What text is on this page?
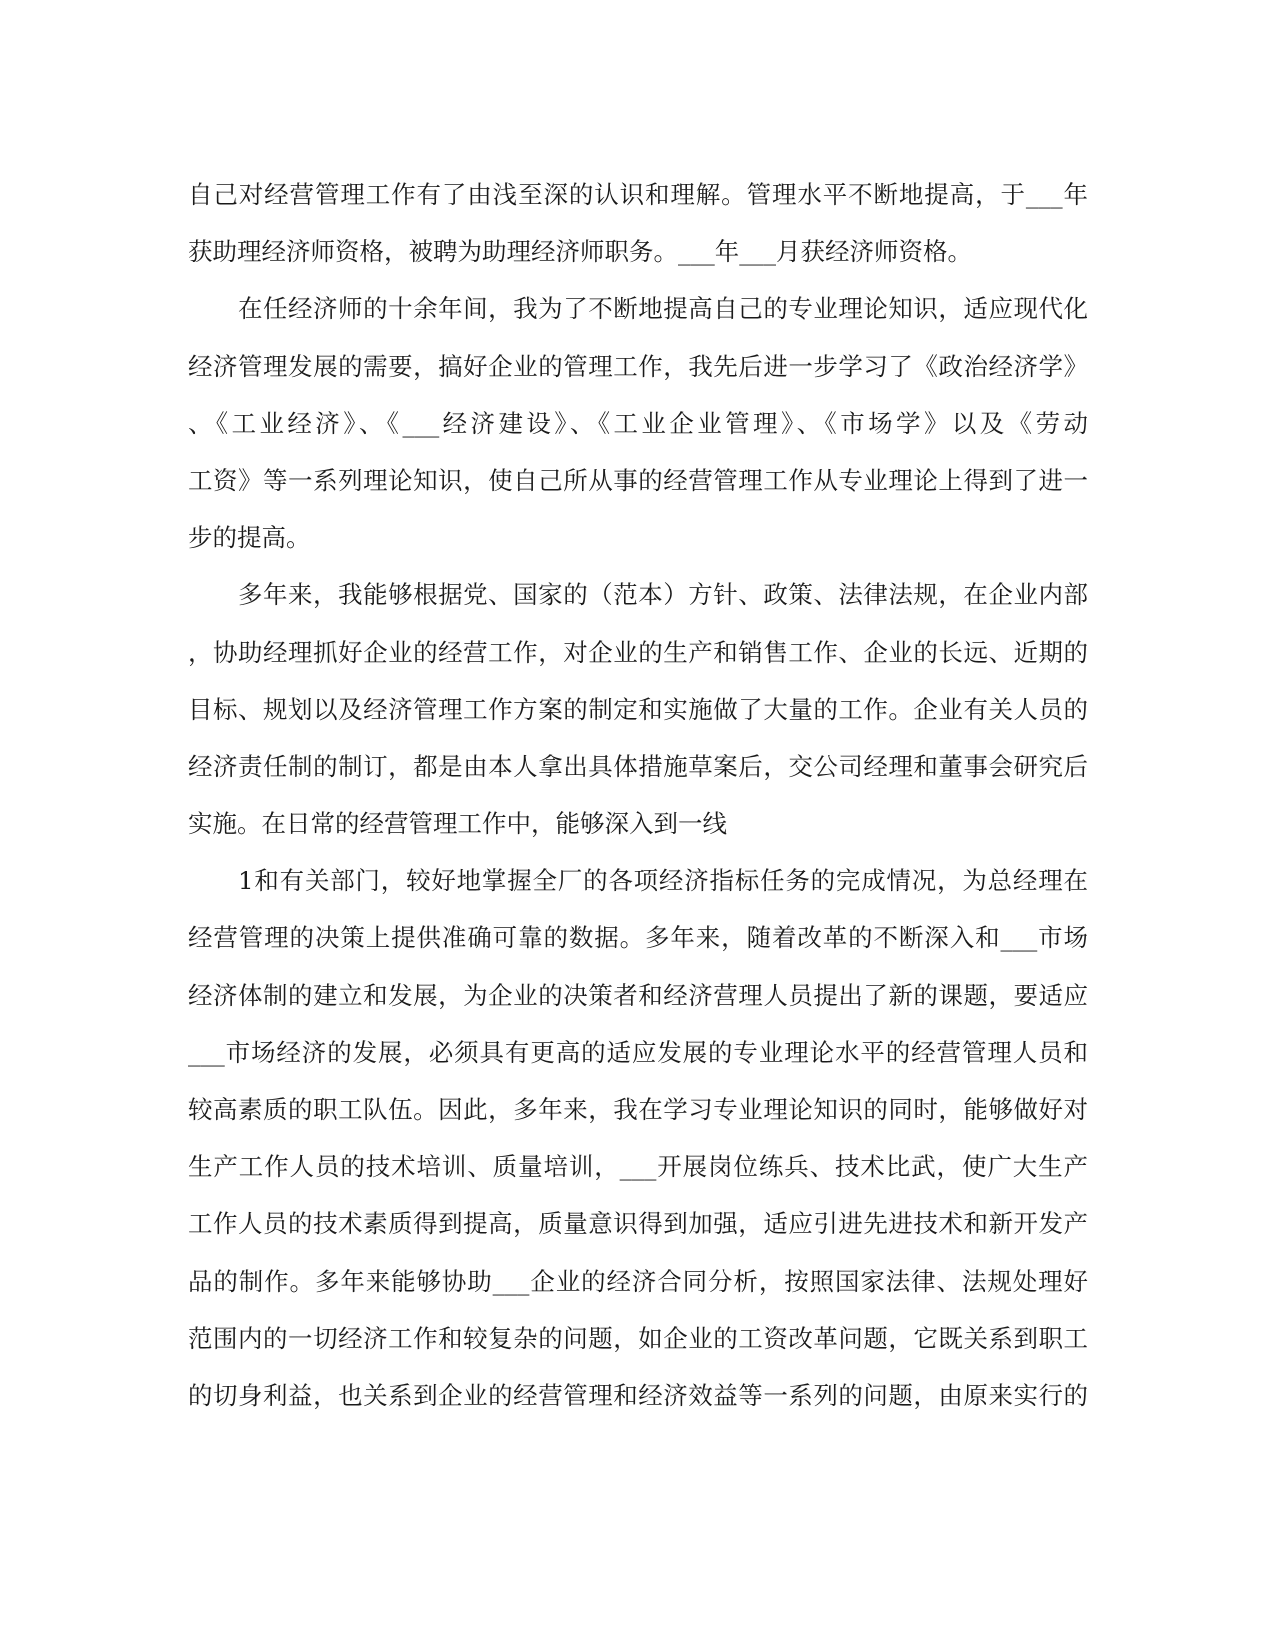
自己对经营管理工作有了由浅至深的认识和理解。管理水平不断地提高，于___年
获助理经济师资格，被聘为助理经济师职务。___年___月获经济师资格。
在任经济师的十余年间，我为了不断地提高自己的专业理论知识，适应现代化
经济管理发展的需要，搞好企业的管理工作，我先后进一步学习了《政治经济学》
、《工业经济》、《___经济建设》、《工业企业管理》、《市场学》以及《劳动
工资》等一系列理论知识，使自己所从事的经营管理工作从专业理论上得到了进一
步的提高。
多年来，我能够根据党、国家的（范本）方针、政策、法律法规，在企业内部
，协助经理抓好企业的经营工作，对企业的生产和销售工作、企业的长远、近期的
目标、规划以及经济管理工作方案的制定和实施做了大量的工作。企业有关人员的
经济责任制的制订，都是由本人拿出具体措施草案后，交公司经理和董事会研究后
实施。在日常的经营管理工作中，能够深入到一线
1和有关部门，较好地掌握全厂的各项经济指标任务的完成情况，为总经理在
经营管理的决策上提供准确可靠的数据。多年来，随着改革的不断深入和___市场
经济体制的建立和发展，为企业的决策者和经济营理人员提出了新的课题，要适应
___市场经济的发展，必须具有更高的适应发展的专业理论水平的经营管理人员和
较高素质的职工队伍。因此，多年来，我在学习专业理论知识的同时，能够做好对
生产工作人员的技术培训、质量培训，___开展岗位练兵、技术比武，使广大生产
工作人员的技术素质得到提高，质量意识得到加强，适应引进先进技术和新开发产
品的制作。多年来能够协助___企业的经济合同分析，按照国家法律、法规处理好
范围内的一切经济工作和较复杂的问题，如企业的工资改革问题，它既关系到职工
的切身利益，也关系到企业的经营管理和经济效益等一系列的问题，由原来实行的
